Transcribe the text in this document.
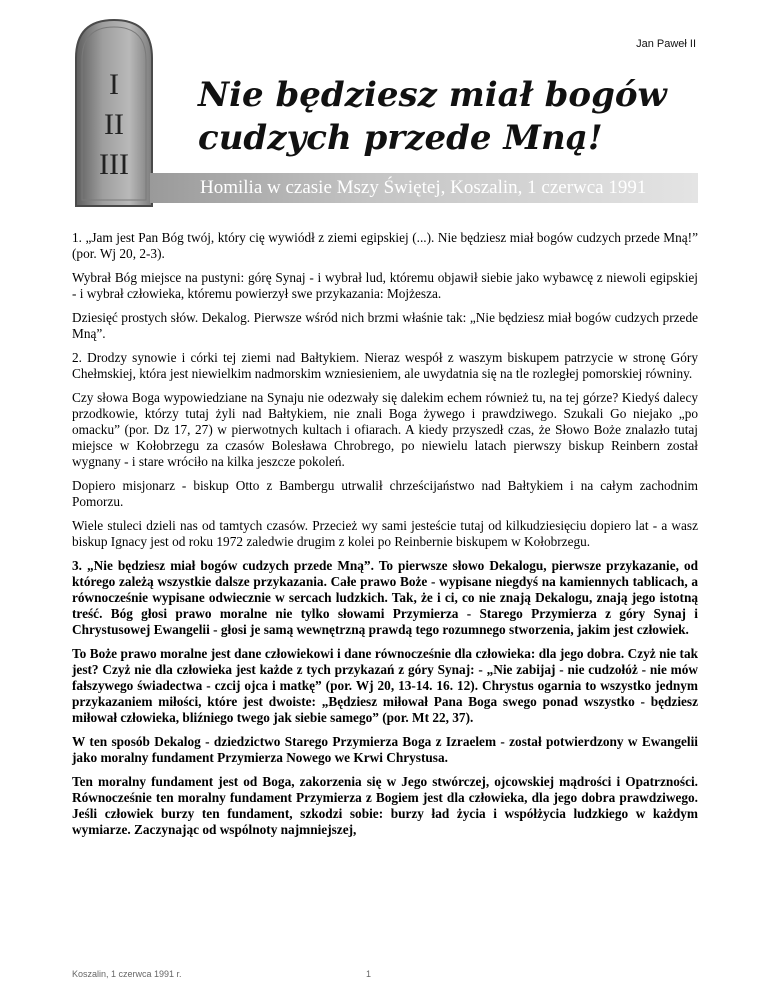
Jan Paweł II
I
II
III
Nie będziesz miał bogów
cudzych przede Mną!
Homilia w czasie Mszy Świętej, Koszalin, 1 czerwca 1991

1. „Jam jest Pan Bóg twój, który cię wywiódł z ziemi egipskiej (...). Nie będziesz miał bogów cudzych przede Mną!” (por. Wj 20, 2-3).

Wybrał Bóg miejsce na pustyni: górę Synaj - i wybrał lud, któremu objawił siebie jako wybawcę z niewoli egipskiej - i wybrał człowieka, któremu powierzył swe przykazania: Mojżesza.

Dziesięć prostych słów. Dekalog. Pierwsze wśród nich brzmi właśnie tak: „Nie będziesz miał bogów cudzych przede Mną”.

2. Drodzy synowie i córki tej ziemi nad Bałtykiem. Nieraz wespół z waszym biskupem patrzycie w stronę Góry Chełmskiej, która jest niewielkim nadmorskim wzniesieniem, ale uwydatnia się na tle rozległej pomorskiej równiny.

Czy słowa Boga wypowiedziane na Synaju nie odezwały się dalekim echem również tu, na tej górze? Kiedyś dalecy przodkowie, którzy tutaj żyli nad Bałtykiem, nie znali Boga żywego i prawdziwego. Szukali Go niejako „po omacku” (por. Dz 17, 27) w pierwotnych kultach i ofiarach. A kiedy przyszedł czas, że Słowo Boże znalazło tutaj miejsce w Kołobrzegu za czasów Bolesława Chrobrego, po niewielu latach pierwszy biskup Reinbern został wygnany - i stare wróciło na kilka jeszcze pokoleń.

Dopiero misjonarz - biskup Otto z Bambergu utrwalił chrześcijaństwo nad Bałtykiem i na całym zachodnim Pomorzu.

Wiele stuleci dzieli nas od tamtych czasów. Przecież wy sami jesteście tutaj od kilkudziesięciu dopiero lat - a wasz biskup Ignacy jest od roku 1972 zaledwie drugim z kolei po Reinbernie biskupem w Kołobrzegu.

3. „Nie będziesz miał bogów cudzych przede Mną”. To pierwsze słowo Dekalogu, pierwsze przykazanie, od którego zależą wszystkie dalsze przykazania. Całe prawo Boże - wypisane niegdyś na kamiennych tablicach, a równocześnie wypisane odwiecznie w sercach ludzkich. Tak, że i ci, co nie znają Dekalogu, znają jego istotną treść. Bóg głosi prawo moralne nie tylko słowami Przymierza - Starego Przymierza z góry Synaj i Chrystusowej Ewangelii - głosi je samą wewnętrzną prawdą tego rozumnego stworzenia, jakim jest człowiek.

To Boże prawo moralne jest dane człowiekowi i dane równocześnie dla człowieka: dla jego dobra. Czyż nie tak jest? Czyż nie dla człowieka jest każde z tych przykazań z góry Synaj: - „Nie zabijaj - nie cudzołóż - nie mów fałszywego świadectwa - czcij ojca i matkę” (por. Wj 20, 13-14. 16. 12). Chrystus ogarnia to wszystko jednym przykazaniem miłości, które jest dwoiste: „Będziesz miłował Pana Boga swego ponad wszystko - będziesz miłował człowieka, bliźniego twego jak siebie samego” (por. Mt 22, 37).

W ten sposób Dekalog - dziedzictwo Starego Przymierza Boga z Izraelem - został potwierdzony w Ewangelii jako moralny fundament Przymierza Nowego we Krwi Chrystusa.

Ten moralny fundament jest od Boga, zakorzenia się w Jego stwórczej, ojcowskiej mądrości i Opatrzności. Równocześnie ten moralny fundament Przymierza z Bogiem jest dla człowieka, dla jego dobra prawdziwego. Jeśli człowiek burzy ten fundament, szkodzi sobie: burzy ład życia i współżycia ludzkiego w każdym wymiarze. Zaczynając od wspólnoty najmniejszej,

Koszalin, 1 czerwca 1991 r.	1
